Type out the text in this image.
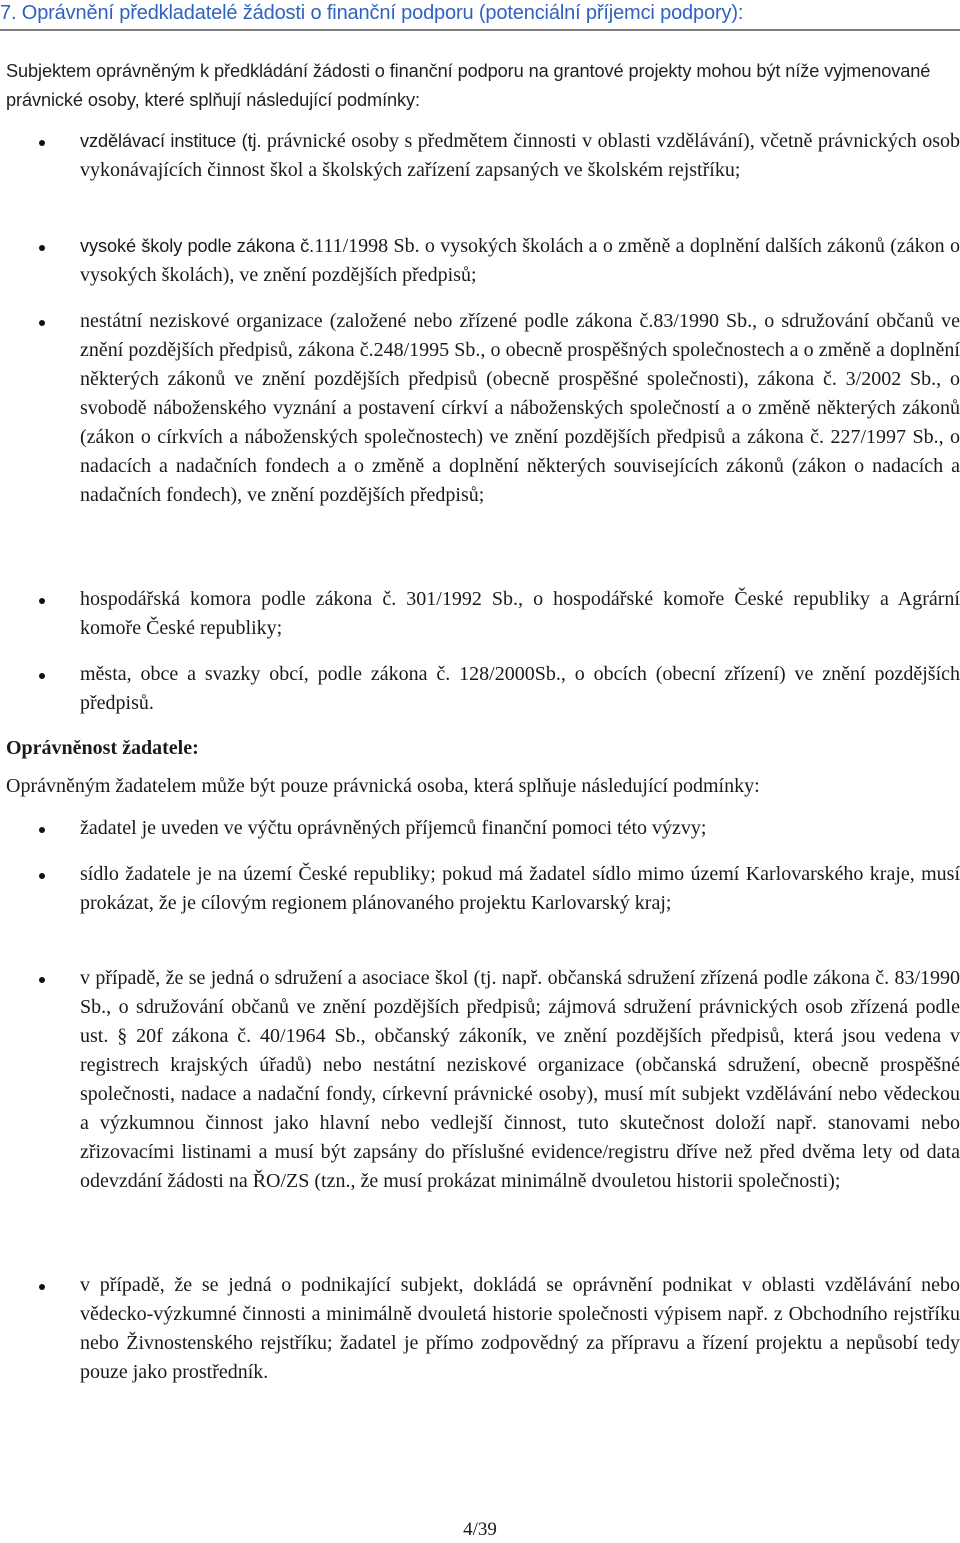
7. Oprávnění předkladatelé žádosti o finanční podporu (potenciální příjemci podpory):

Subjektem oprávněným k předkládání žádosti o finanční podporu na grantové projekty mohou být níže vyjmenované právnické osoby, které splňují následující podmínky:

vzdělávací instituce (tj. právnické osoby s předmětem činnosti v oblasti vzdělávání), včetně právnických osob vykonávajících činnost škol a školských zařízení zapsaných ve školském rejstříku;
vysoké školy podle zákona č.111/1998 Sb. o vysokých školách a o změně a doplnění dalších zákonů (zákon o vysokých školách), ve znění pozdějších předpisů;
nestátní neziskové organizace (založené nebo zřízené podle zákona č.83/1990 Sb., o sdružování občanů ve znění pozdějších předpisů, zákona č.248/1995 Sb., o obecně prospěšných společnostech a o změně a doplnění některých zákonů ve znění pozdějších předpisů (obecně prospěšné společnosti), zákona č. 3/2002 Sb., o svobodě náboženského vyznání a postavení církví a náboženských společností a o změně některých zákonů (zákon o církvích a náboženských společnostech) ve znění pozdějších předpisů a zákona č. 227/1997 Sb., o nadacích a nadačních fondech a o změně a doplnění některých souvisejících zákonů (zákon o nadacích a nadačních fondech), ve znění pozdějších předpisů;
hospodářská komora podle zákona č. 301/1992 Sb., o hospodářské komoře České republiky a Agrární komoře České republiky;
města, obce a svazky obcí, podle zákona č. 128/2000Sb., o obcích (obecní zřízení) ve znění pozdějších předpisů.
Oprávněnost žadatele:

Oprávněným žadatelem může být pouze právnická osoba, která splňuje následující podmínky:

žadatel je uveden ve výčtu oprávněných příjemců finanční pomoci této výzvy;
sídlo žadatele je na území České republiky; pokud má žadatel sídlo mimo území Karlovarského kraje, musí prokázat, že je cílovým regionem plánovaného projektu Karlovarský kraj;
v případě, že se jedná o sdružení a asociace škol (tj. např. občanská sdružení zřízená podle zákona č. 83/1990 Sb., o sdružování občanů ve znění pozdějších předpisů; zájmová sdružení právnických osob zřízená podle ust. § 20f zákona č. 40/1964 Sb., občanský zákoník, ve znění pozdějších předpisů, která jsou vedena v registrech krajských úřadů) nebo nestátní neziskové organizace (občanská sdružení, obecně prospěšné společnosti, nadace a nadační fondy, církevní právnické osoby), musí mít subjekt vzdělávání nebo vědeckou a výzkumnou činnost jako hlavní nebo vedlejší činnost, tuto skutečnost doloží např. stanovami nebo zřizovacími listinami a musí být zapsány do příslušné evidence/registru dříve než před dvěma lety od data odevzdání žádosti na ŘO/ZS (tzn., že musí prokázat minimálně dvouletou historii společnosti);
v případě, že se jedná o podnikající subjekt, dokládá se oprávnění podnikat v oblasti vzdělávání nebo vědecko-výzkumné činnosti a minimálně dvouletá historie společnosti výpisem např. z Obchodního rejstříku nebo Živnostenského rejstříku; žadatel je přímo zodpovědný za přípravu a řízení projektu a nepůsobí tedy pouze jako prostředník.
4/39
